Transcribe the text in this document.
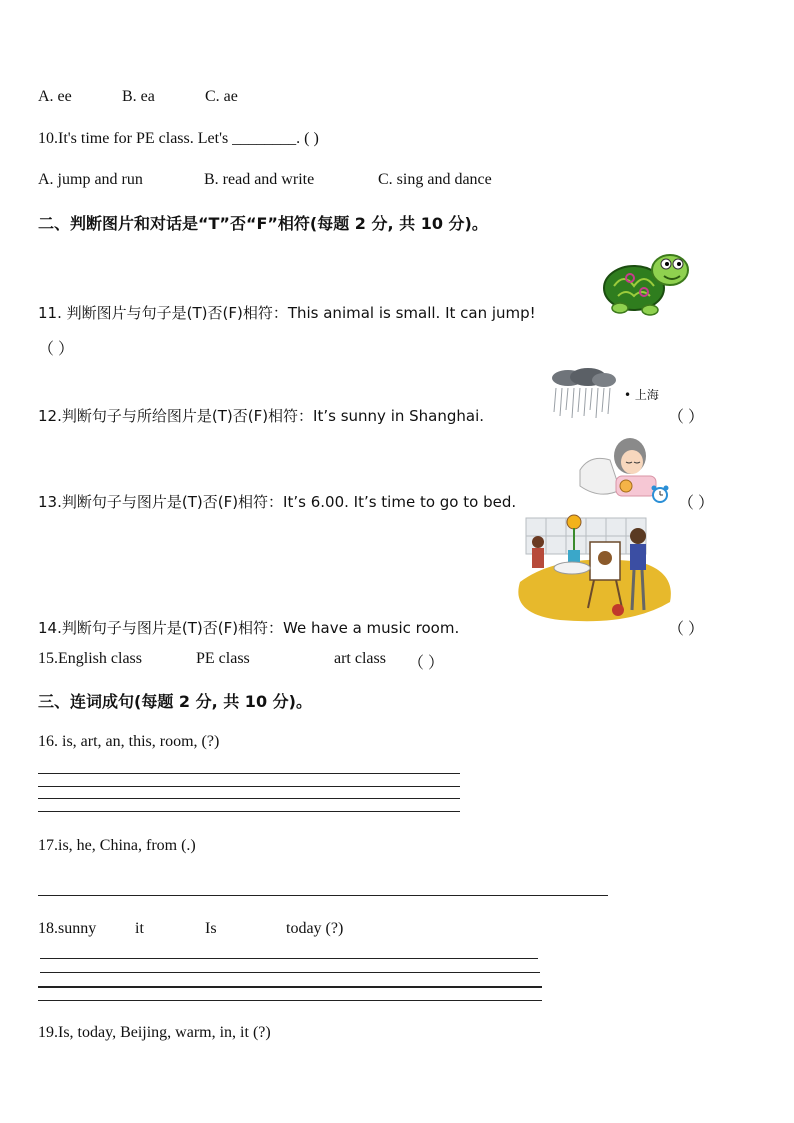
A. ee	B. ea	C. ae
10.It's time for PE class. Let's ________. ( )
A. jump and run	B. read and write	C. sing and dance
二、判断图片和对话是“T”否“F”相符(每题 2 分, 共 10 分)。
11. 判断图片与句子是(T)否(F)相符：This animal is small. It can jump!
（ ）
• 上海
12.判断句子与所给图片是(T)否(F)相符：It’s sunny in Shanghai.	（ ）
13.判断句子与图片是(T)否(F)相符：It’s 6.00. It’s time to go to bed.	（ ）
14.判断句子与图片是(T)否(F)相符：We have a music room.	（ ）
15.English class	PE class	art class （ ）
三、连词成句(每题 2 分, 共 10 分)。
16. is, art, an, this, room, (?)
17.is, he, China, from (.)
18.sunny it	Is	today (?)
19.Is, today, Beijing, warm, in, it (?)
